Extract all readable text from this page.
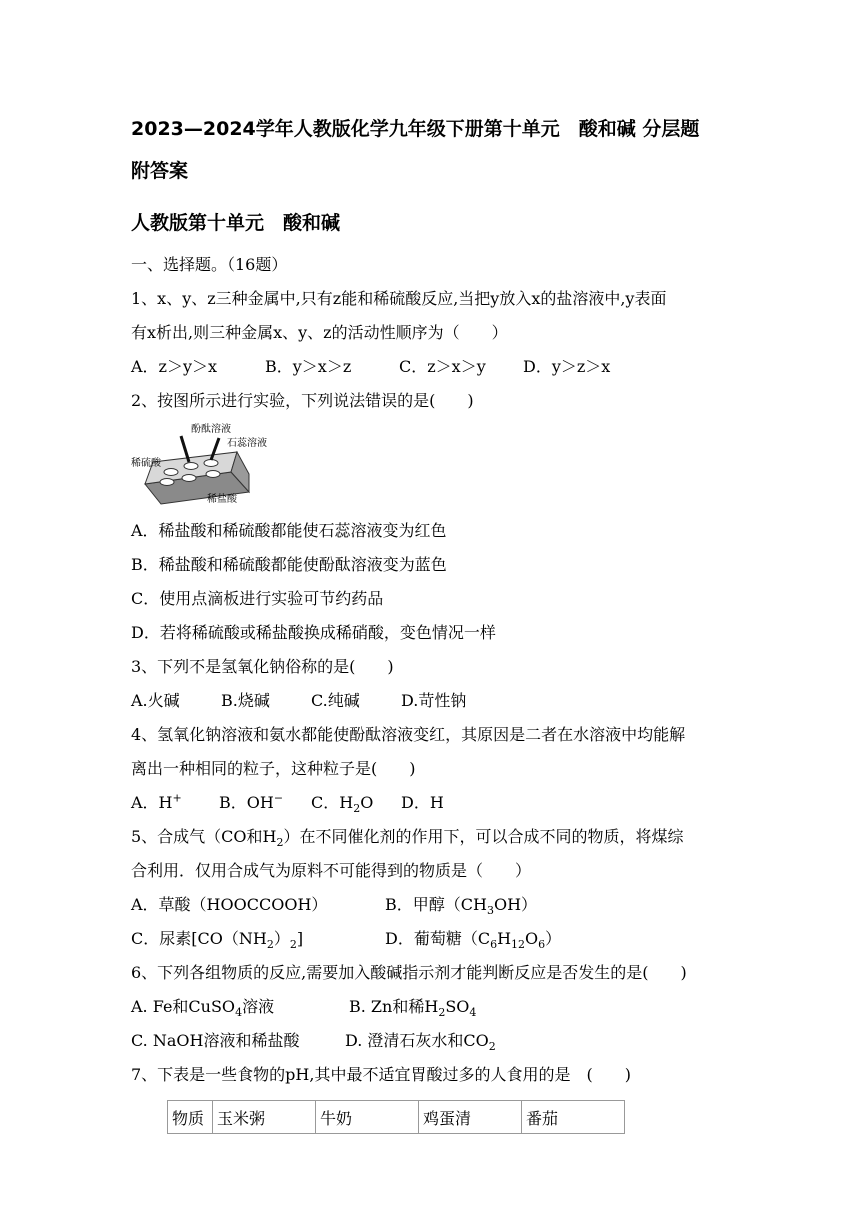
2023—2024学年人教版化学九年级下册第十单元　酸和碱 分层题

附答案

人教版第十单元　酸和碱

一、选择题。（16题）

1、x、y、z三种金属中,只有z能和稀硫酸反应,当把y放入x的盐溶液中,y表面

有x析出,则三种金属x、y、z的活动性顺序为（　　）

A．z＞y＞x	B．y＞x＞z	C．z＞x＞y	D．y＞z＞x

2、按图所示进行实验，下列说法错误的是(　　)

酚酞溶液
石蕊溶液
稀硫酸
稀盐酸

A．稀盐酸和稀硫酸都能使石蕊溶液变为红色

B．稀盐酸和稀硫酸都能使酚酞溶液变为蓝色

C．使用点滴板进行实验可节约药品

D．若将稀硫酸或稀盐酸换成稀硝酸，变色情况一样

3、下列不是氢氧化钠俗称的是(　　)

A.火碱	B.烧碱	C.纯碱	D.苛性钠

4、氢氧化钠溶液和氨水都能使酚酞溶液变红，其原因是二者在水溶液中均能解

离出一种相同的粒子，这种粒子是(　　)

A．H+	B．OH−	C．$H_2O$	D．H

5、合成气（CO和$H_2$）在不同催化剂的作用下，可以合成不同的物质，将煤综

合利用．仅用合成气为原料不可能得到的物质是（　　）

A．草酸（HOOCCOOH）	B．甲醇$(CH_3OH)$

C．尿素$[CO(NH_2)_2]$	D．葡萄糖$(C_6H_{12}O_6)$

6、下列各组物质的反应,需要加入酸碱指示剂才能判断反应是否发生的是(　　)

A. Fe和CuSO$_4$溶液	B. Zn和稀$H_2SO_4$

C. NaOH溶液和稀盐酸	D. 澄清石灰水和$CO_2$

7、下表是一些食物的pH,其中最不适宜胃酸过多的人食用的是　(　　)

物质	玉米粥	牛奶	鸡蛋清	番茄
